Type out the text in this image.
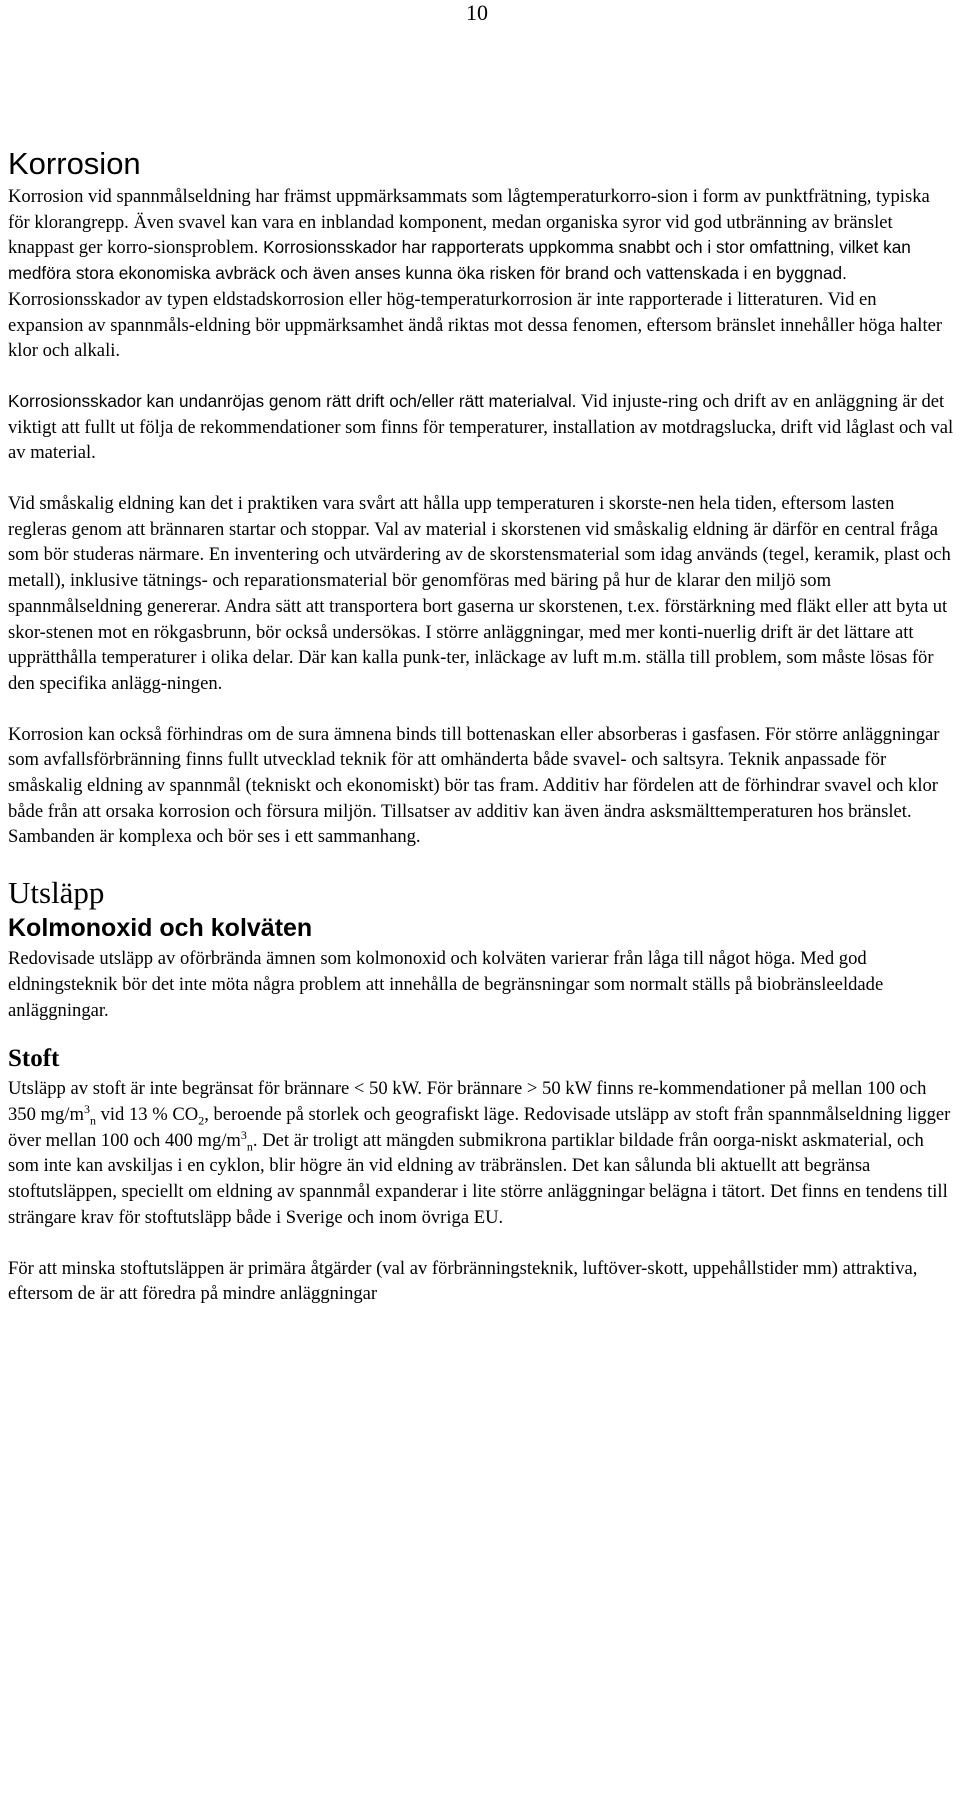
10
Korrosion

Korrosion vid spannmålseldning har främst uppmärksammats som lågtemperaturkorro-sion i form av punktfrätning, typiska för klorangrepp. Även svavel kan vara en inblandad komponent, medan organiska syror vid god utbränning av bränslet knappast ger korro-sionsproblem. Korrosionsskador har rapporterats uppkomma snabbt och i stor omfattning, vilket kan medföra stora ekonomiska avbräck och även anses kunna öka risken för brand och vattenskada i en byggnad. Korrosionsskador av typen eldstadskorrosion eller hög-temperaturkorrosion är inte rapporterade i litteraturen. Vid en expansion av spannmåls-eldning bör uppmärksamhet ändå riktas mot dessa fenomen, eftersom bränslet innehåller höga halter klor och alkali.

Korrosionsskador kan undanröjas genom rätt drift och/eller rätt materialval. Vid injuste-ring och drift av en anläggning är det viktigt att fullt ut följa de rekommendationer som finns för temperaturer, installation av motdragslucka, drift vid låglast och val av material.

Vid småskalig eldning kan det i praktiken vara svårt att hålla upp temperaturen i skorste-nen hela tiden, eftersom lasten regleras genom att brännaren startar och stoppar. Val av material i skorstenen vid småskalig eldning är därför en central fråga som bör studeras närmare. En inventering och utvärdering av de skorstensmaterial som idag används (tegel, keramik, plast och metall), inklusive tätnings- och reparationsmaterial bör genomföras med bäring på hur de klarar den miljö som spannmålseldning genererar. Andra sätt att transportera bort gaserna ur skorstenen, t.ex. förstärkning med fläkt eller att byta ut skor-stenen mot en rökgasbrunn, bör också undersökas. I större anläggningar, med mer konti-nuerlig drift är det lättare att upprätthålla temperaturer i olika delar. Där kan kalla punk-ter, inläckage av luft m.m. ställa till problem, som måste lösas för den specifika anlägg-ningen.

Korrosion kan också förhindras om de sura ämnena binds till bottenaskan eller absorberas i gasfasen. För större anläggningar som avfallsförbränning finns fullt utvecklad teknik för att omhänderta både svavel- och saltsyra. Teknik anpassade för småskalig eldning av spannmål (tekniskt och ekonomiskt) bör tas fram. Additiv har fördelen att de förhindrar svavel och klor både från att orsaka korrosion och försura miljön. Tillsatser av additiv kan även ändra asksmälttemperaturen hos bränslet. Sambanden är komplexa och bör ses i ett sammanhang.

Utsläpp
Kolmonoxid och kolväten

Redovisade utsläpp av oförbrända ämnen som kolmonoxid och kolväten varierar från låga till något höga. Med god eldningsteknik bör det inte möta några problem att innehålla de begränsningar som normalt ställs på biobränsleeldade anläggningar.

Stoft

Utsläpp av stoft är inte begränsat för brännare < 50 kW. För brännare > 50 kW finns re-kommendationer på mellan 100 och 350 $mg/m^3_n$ vid 13 % $CO_2$, beroende på storlek och geografiskt läge. Redovisade utsläpp av stoft från spannmålseldning ligger över mellan 100 och 400 $mg/m^3_n$. Det är troligt att mängden submikrona partiklar bildade från oorga-niskt askmaterial, och som inte kan avskiljas i en cyklon, blir högre än vid eldning av träbränslen. Det kan sålunda bli aktuellt att begränsa stoftutsläppen, speciellt om eldning av spannmål expanderar i lite större anläggningar belägna i tätort. Det finns en tendens till strängare krav för stoftutsläpp både i Sverige och inom övriga EU.

För att minska stoftutsläppen är primära åtgärder (val av förbränningsteknik, luftöver-skott, uppehållstider mm) attraktiva, eftersom de är att föredra på mindre anläggningar
